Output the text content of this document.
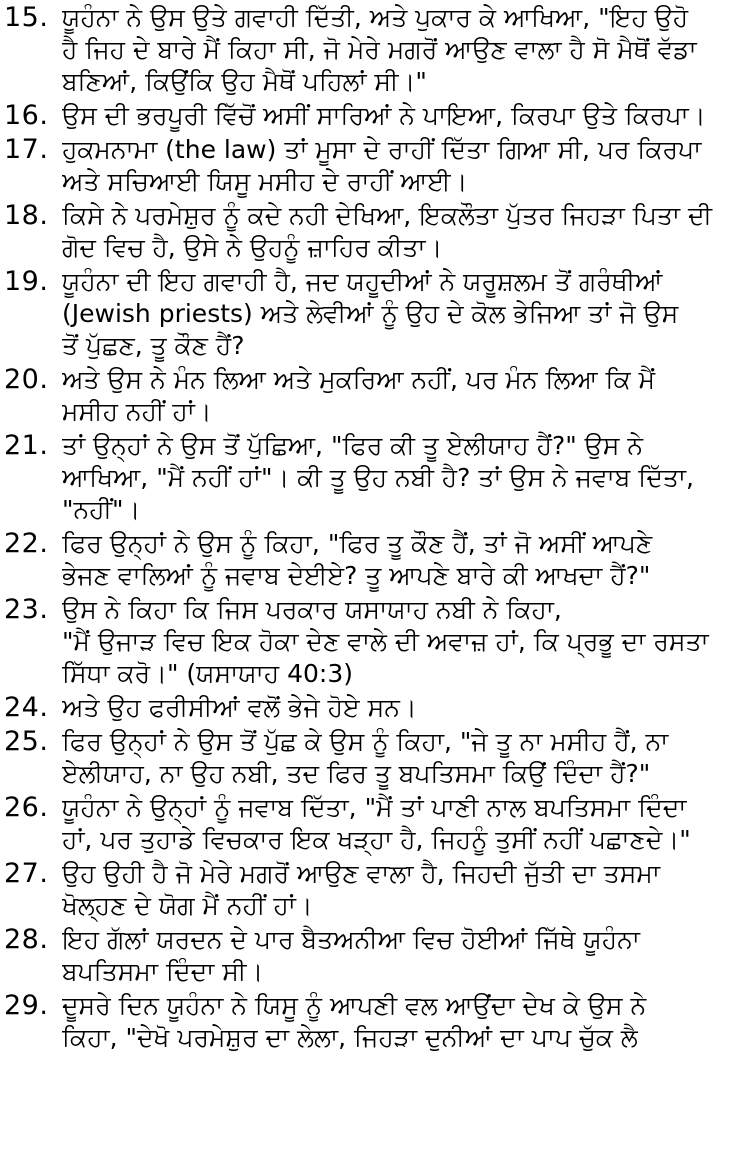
15. ਯੂਹੰਨਾ ਨੇ ਉਸ ਉਤੇ ਗਵਾਹੀ ਦਿੱਤੀ, ਅਤੇ ਪੁਕਾਰ ਕੇ ਆਖਿਆ, "ਇਹ ਉਹੋ
ਹੈ ਜਿਹ ਦੇ ਬਾਰੇ ਮੈਂ ਕਿਹਾ ਸੀ, ਜੋ ਮੇਰੇ ਮਗਰੋਂ ਆਉਣ ਵਾਲਾ ਹੈ ਸੋ ਮੈਥੋਂ ਵੱਡਾ
ਬਣਿਆਂ, ਕਿਉਂਕਿ ਉਹ ਮੈਥੋਂ ਪਹਿਲਾਂ ਸੀ।"
16. ਉਸ ਦੀ ਭਰਪੂਰੀ ਵਿੱਚੋਂ ਅਸੀਂ ਸਾਰਿਆਂ ਨੇ ਪਾਇਆ, ਕਿਰਪਾ ਉਤੇ ਕਿਰਪਾ।
17. ਹੁਕਮਨਾਮਾ (the law) ਤਾਂ ਮੂਸਾ ਦੇ ਰਾਹੀਂ ਦਿੱਤਾ ਗਿਆ ਸੀ, ਪਰ ਕਿਰਪਾ
ਅਤੇ ਸਚਿਆਈ ਯਿਸੂ ਮਸੀਹ ਦੇ ਰਾਹੀਂ ਆਈ।
18. ਕਿਸੇ ਨੇ ਪਰਮੇਸ਼ੁਰ ਨੂੰ ਕਦੇ ਨਹੀ ਦੇਖਿਆ, ਇਕਲੌਤਾ ਪੁੱਤਰ ਜਿਹੜਾ ਪਿਤਾ ਦੀ
ਗੋਦ ਵਿਚ ਹੈ, ਉਸੇ ਨੇ ਉਹਨੂੰ ਜ਼ਾਹਿਰ ਕੀਤਾ।
19. ਯੂਹੰਨਾ ਦੀ ਇਹ ਗਵਾਹੀ ਹੈ, ਜਦ ਯਹੂਦੀਆਂ ਨੇ ਯਰੂਸ਼ਲਮ ਤੋਂ ਗਰੰਥੀਆਂ
(Jewish priests) ਅਤੇ ਲੇਵੀਆਂ ਨੂੰ ਉਹ ਦੇ ਕੋਲ ਭੇਜਿਆ ਤਾਂ ਜੋ ਉਸ
ਤੋਂ ਪੁੱਛਣ, ਤੂ ਕੌਣ ਹੈਂ?
20. ਅਤੇ ਉਸ ਨੇ ਮੰਨ ਲਿਆ ਅਤੇ ਮੁਕਰਿਆ ਨਹੀਂ, ਪਰ ਮੰਨ ਲਿਆ ਕਿ ਮੈਂ
ਮਸੀਹ ਨਹੀਂ ਹਾਂ।
21. ਤਾਂ ਉਨ੍ਹਾਂ ਨੇ ਉਸ ਤੋਂ ਪੁੱਛਿਆ, "ਫਿਰ ਕੀ ਤੂ ਏਲੀਯਾਹ ਹੈਂ?" ਉਸ ਨੇ
ਆਖਿਆ, "ਮੈਂ ਨਹੀਂ ਹਾਂ"। ਕੀ ਤੂ ਉਹ ਨਬੀ ਹੈ? ਤਾਂ ਉਸ ਨੇ ਜਵਾਬ ਦਿੱਤਾ,
"ਨਹੀਂ"।
22. ਫਿਰ ਉਨ੍ਹਾਂ ਨੇ ਉਸ ਨੂੰ ਕਿਹਾ, "ਫਿਰ ਤੂ ਕੌਣ ਹੈਂ, ਤਾਂ ਜੋ ਅਸੀਂ ਆਪਣੇ
ਭੇਜਣ ਵਾਲਿਆਂ ਨੂੰ ਜਵਾਬ ਦੇਈਏ? ਤੂ ਆਪਣੇ ਬਾਰੇ ਕੀ ਆਖਦਾ ਹੈਂ?"
23. ਉਸ ਨੇ ਕਿਹਾ ਕਿ ਜਿਸ ਪਰਕਾਰ ਯਸਾਯਾਹ ਨਬੀ ਨੇ ਕਿਹਾ,
"ਮੈਂ ਉਜਾੜ ਵਿਚ ਇਕ ਹੋਕਾ ਦੇਣ ਵਾਲੇ ਦੀ ਅਵਾਜ਼ ਹਾਂ, ਕਿ ਪ੍ਰਭੂ ਦਾ ਰਸਤਾ
ਸਿੱਧਾ ਕਰੋ।" (ਯਸਾਯਾਹ 40:3)
24. ਅਤੇ ਉਹ ਫਰੀਸੀਆਂ ਵਲੋਂ ਭੇਜੇ ਹੋਏ ਸਨ।
25. ਫਿਰ ਉਨ੍ਹਾਂ ਨੇ ਉਸ ਤੋਂ ਪੁੱਛ ਕੇ ਉਸ ਨੂੰ ਕਿਹਾ, "ਜੇ ਤੂ ਨਾ ਮਸੀਹ ਹੈਂ, ਨਾ
ਏਲੀਯਾਹ, ਨਾ ਉਹ ਨਬੀ, ਤਦ ਫਿਰ ਤੂ ਬਪਤਿਸਮਾ ਕਿਉਂ ਦਿੰਦਾ ਹੈਂ?"
26. ਯੂਹੰਨਾ ਨੇ ਉਨ੍ਹਾਂ ਨੂੰ ਜਵਾਬ ਦਿੱਤਾ, "ਮੈਂ ਤਾਂ ਪਾਣੀ ਨਾਲ ਬਪਤਿਸਮਾ ਦਿੰਦਾ
ਹਾਂ, ਪਰ ਤੁਹਾਡੇ ਵਿਚਕਾਰ ਇਕ ਖੜ੍ਹਾ ਹੈ, ਜਿਹਨੂੰ ਤੁਸੀਂ ਨਹੀਂ ਪਛਾਣਦੇ।"
27. ਉਹ ਉਹੀ ਹੈ ਜੋ ਮੇਰੇ ਮਗਰੋਂ ਆਉਣ ਵਾਲਾ ਹੈ, ਜਿਹਦੀ ਜੁੱਤੀ ਦਾ ਤਸਮਾ
ਖੋਲ੍ਹਣ ਦੇ ਯੋਗ ਮੈਂ ਨਹੀਂ ਹਾਂ।
28. ਇਹ ਗੱਲਾਂ ਯਰਦਨ ਦੇ ਪਾਰ ਬੈਤਅਨੀਆ ਵਿਚ ਹੋਈਆਂ ਜਿੱਥੇ ਯੂਹੰਨਾ
ਬਪਤਿਸਮਾ ਦਿੰਦਾ ਸੀ।
29. ਦੂਸਰੇ ਦਿਨ ਯੂਹੰਨਾ ਨੇ ਯਿਸੂ ਨੂੰ ਆਪਣੀ ਵਲ ਆਉਂਦਾ ਦੇਖ ਕੇ ਉਸ ਨੇ
ਕਿਹਾ, "ਦੇਖੋ ਪਰਮੇਸ਼ੁਰ ਦਾ ਲੇਲਾ, ਜਿਹੜਾ ਦੁਨੀਆਂ ਦਾ ਪਾਪ ਚੁੱਕ ਲੈ
